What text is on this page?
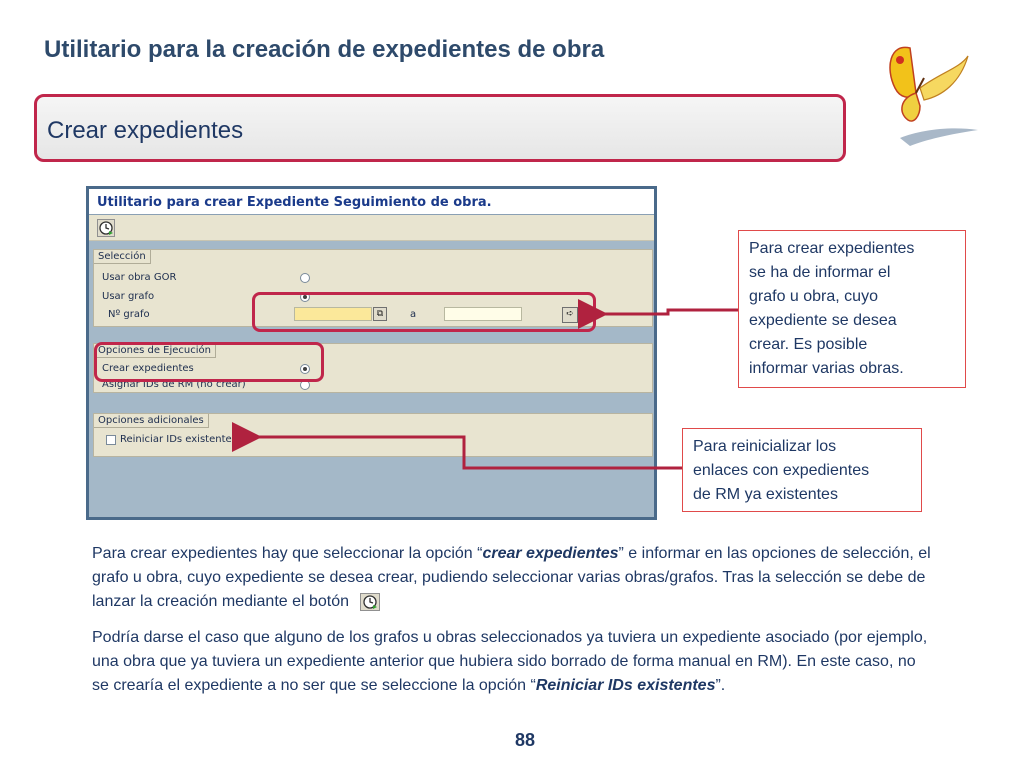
Utilitario para la creación de expedientes de obra
Crear expedientes
Utilitario para crear Expediente Seguimiento de obra.
Selección
Usar obra GOR
Usar grafo
Nº grafo	⧉	a	➪
Opciones de Ejecución
Crear expedientes
Asignar IDs de RM (no crear)
Opciones adicionales
Reiniciar IDs existentes
Para crear expedientes
se ha de informar el
grafo u obra, cuyo
expediente se desea
crear. Es posible
informar varias obras.
Para reinicializar los
enlaces con expedientes
de RM ya existentes
Para crear expedientes hay que seleccionar la opción “crear expedientes” e informar en las opciones de selección, el grafo u obra, cuyo expediente se desea crear, pudiendo seleccionar varias obras/grafos. Tras la selección se debe de lanzar la creación mediante el botón
Podría darse el caso que alguno de los grafos u obras seleccionados ya tuviera un expediente asociado (por ejemplo, una obra que ya tuviera un expediente anterior que hubiera sido borrado de forma manual en RM). En este caso, no se crearía el expediente a no ser que se seleccione la opción “Reiniciar IDs existentes”.
88
